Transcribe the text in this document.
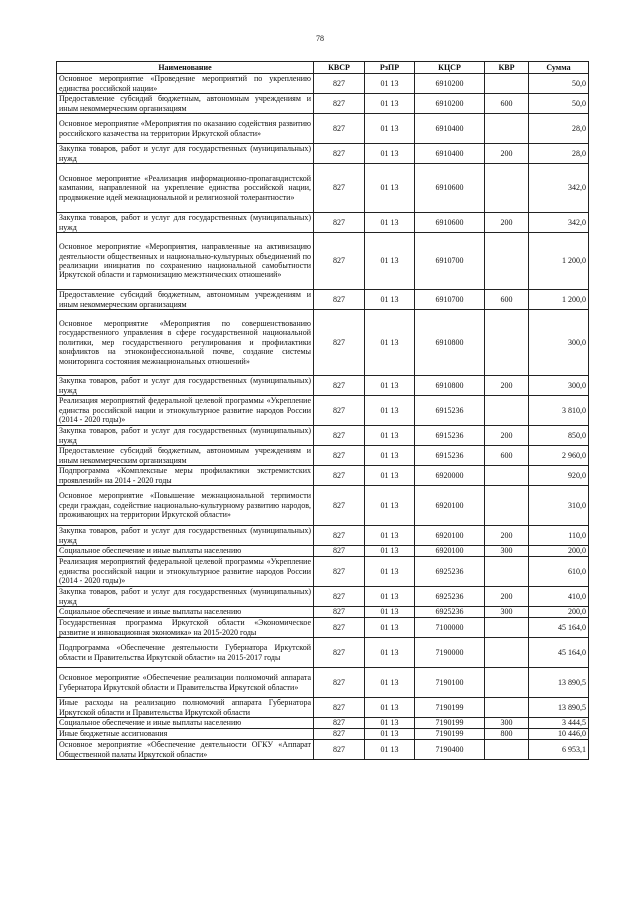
78
Наименование	КВСР	РзПР	КЦСР	КВР	Сумма
Основное мероприятие «Проведение мероприятий по укреплению единства российской нации»	827	01 13	6910200		50,0
Предоставление субсидий бюджетным, автономным учреждениям и иным некоммерческим организациям	827	01 13	6910200	600	50,0
Основное мероприятие «Мероприятия по оказанию содействия развитию российского казачества на территории Иркутской области»	827	01 13	6910400		28,0
Закупка товаров, работ и услуг для государственных (муниципальных) нужд	827	01 13	6910400	200	28,0
Основное мероприятие «Реализация информационно-пропагандистской кампании, направленной на укрепление единства российской нации, продвижение идей межнациональной и религиозной толерантности»	827	01 13	6910600		342,0
Закупка товаров, работ и услуг для государственных (муниципальных) нужд	827	01 13	6910600	200	342,0
Основное мероприятие «Мероприятия, направленные на активизацию деятельности общественных и национально-культурных объединений по реализации инициатив по сохранению национальной самобытности Иркутской области и гармонизацию межэтнических отношений»	827	01 13	6910700		1 200,0
Предоставление субсидий бюджетным, автономным учреждениям и иным некоммерческим организациям	827	01 13	6910700	600	1 200,0
Основное мероприятие «Мероприятия по совершенствованию государственного управления в сфере государственной национальной политики, мер государственного регулирования и профилактики конфликтов на этноконфессиональной почве, создание системы мониторинга состояния межнациональных отношений»	827	01 13	6910800		300,0
Закупка товаров, работ и услуг для государственных (муниципальных) нужд	827	01 13	6910800	200	300,0
Реализация мероприятий федеральной целевой программы «Укрепление единства российской нации и этнокультурное развитие народов России (2014 - 2020 годы)»	827	01 13	6915236		3 810,0
Закупка товаров, работ и услуг для государственных (муниципальных) нужд	827	01 13	6915236	200	850,0
Предоставление субсидий бюджетным, автономным учреждениям и иным некоммерческим организациям	827	01 13	6915236	600	2 960,0
Подпрограмма «Комплексные меры профилактики экстремистских проявлений» на 2014 - 2020 годы	827	01 13	6920000		920,0
Основное мероприятие «Повышение межнациональной терпимости среди граждан, содействие национально-культурному развитию народов, проживающих на территории Иркутской области»	827	01 13	6920100		310,0
Закупка товаров, работ и услуг для государственных (муниципальных) нужд	827	01 13	6920100	200	110,0
Социальное обеспечение и иные выплаты населению	827	01 13	6920100	300	200,0
Реализация мероприятий федеральной целевой программы «Укрепление единства российской нации и этнокультурное развитие народов России (2014 - 2020 годы)»	827	01 13	6925236		610,0
Закупка товаров, работ и услуг для государственных (муниципальных) нужд	827	01 13	6925236	200	410,0
Социальное обеспечение и иные выплаты населению	827	01 13	6925236	300	200,0
Государственная программа Иркутской области «Экономическое развитие и инновационная экономика» на 2015-2020 годы	827	01 13	7100000		45 164,0
Подпрограмма «Обеспечение деятельности Губернатора Иркутской области и Правительства Иркутской области» на 2015-2017 годы	827	01 13	7190000		45 164,0
Основное мероприятие «Обеспечение реализации полномочий аппарата Губернатора Иркутской области и Правительства Иркутской области»	827	01 13	7190100		13 890,5
Иные расходы на реализацию полномочий аппарата Губернатора Иркутской области и Правительства Иркутской области	827	01 13	7190199		13 890,5
Социальное обеспечение и иные выплаты населению	827	01 13	7190199	300	3 444,5
Иные бюджетные ассигнования	827	01 13	7190199	800	10 446,0
Основное мероприятие «Обеспечение деятельности ОГКУ «Аппарат Общественной палаты Иркутской области»	827	01 13	7190400		6 953,1
